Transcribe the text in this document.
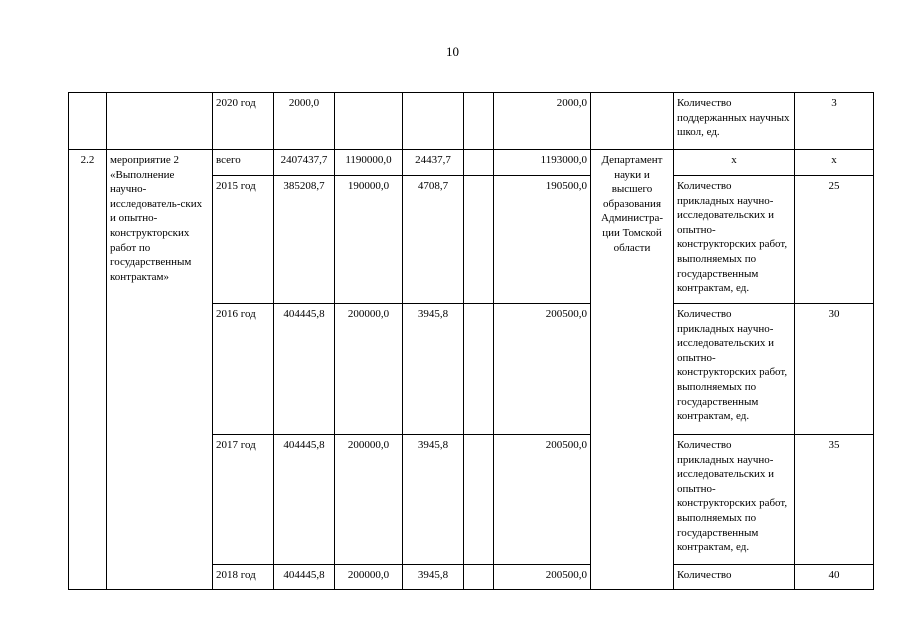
10
		2020 год	2000,0				2000,0		Количество поддержанных научных школ, ед.	3
2.2	мероприятие 2 «Выполнение научно-исследователь-ских и опытно-конструкторских работ по государственным контрактам»	всего	2407437,7	1190000,0	24437,7		1193000,0	Департамент науки и высшего образования Администра-ции Томской области	x	x
		2015 год	385208,7	190000,0	4708,7		190500,0		Количество прикладных научно-исследовательских и опытно-конструкторских работ, выполняемых по государственным контрактам, ед.	25
		2016 год	404445,8	200000,0	3945,8		200500,0		Количество прикладных научно-исследовательских и опытно-конструкторских работ, выполняемых по государственным контрактам, ед.	30
		2017 год	404445,8	200000,0	3945,8		200500,0		Количество прикладных научно-исследовательских и опытно-конструкторских работ, выполняемых по государственным контрактам, ед.	35
		2018 год	404445,8	200000,0	3945,8		200500,0		Количество	40
